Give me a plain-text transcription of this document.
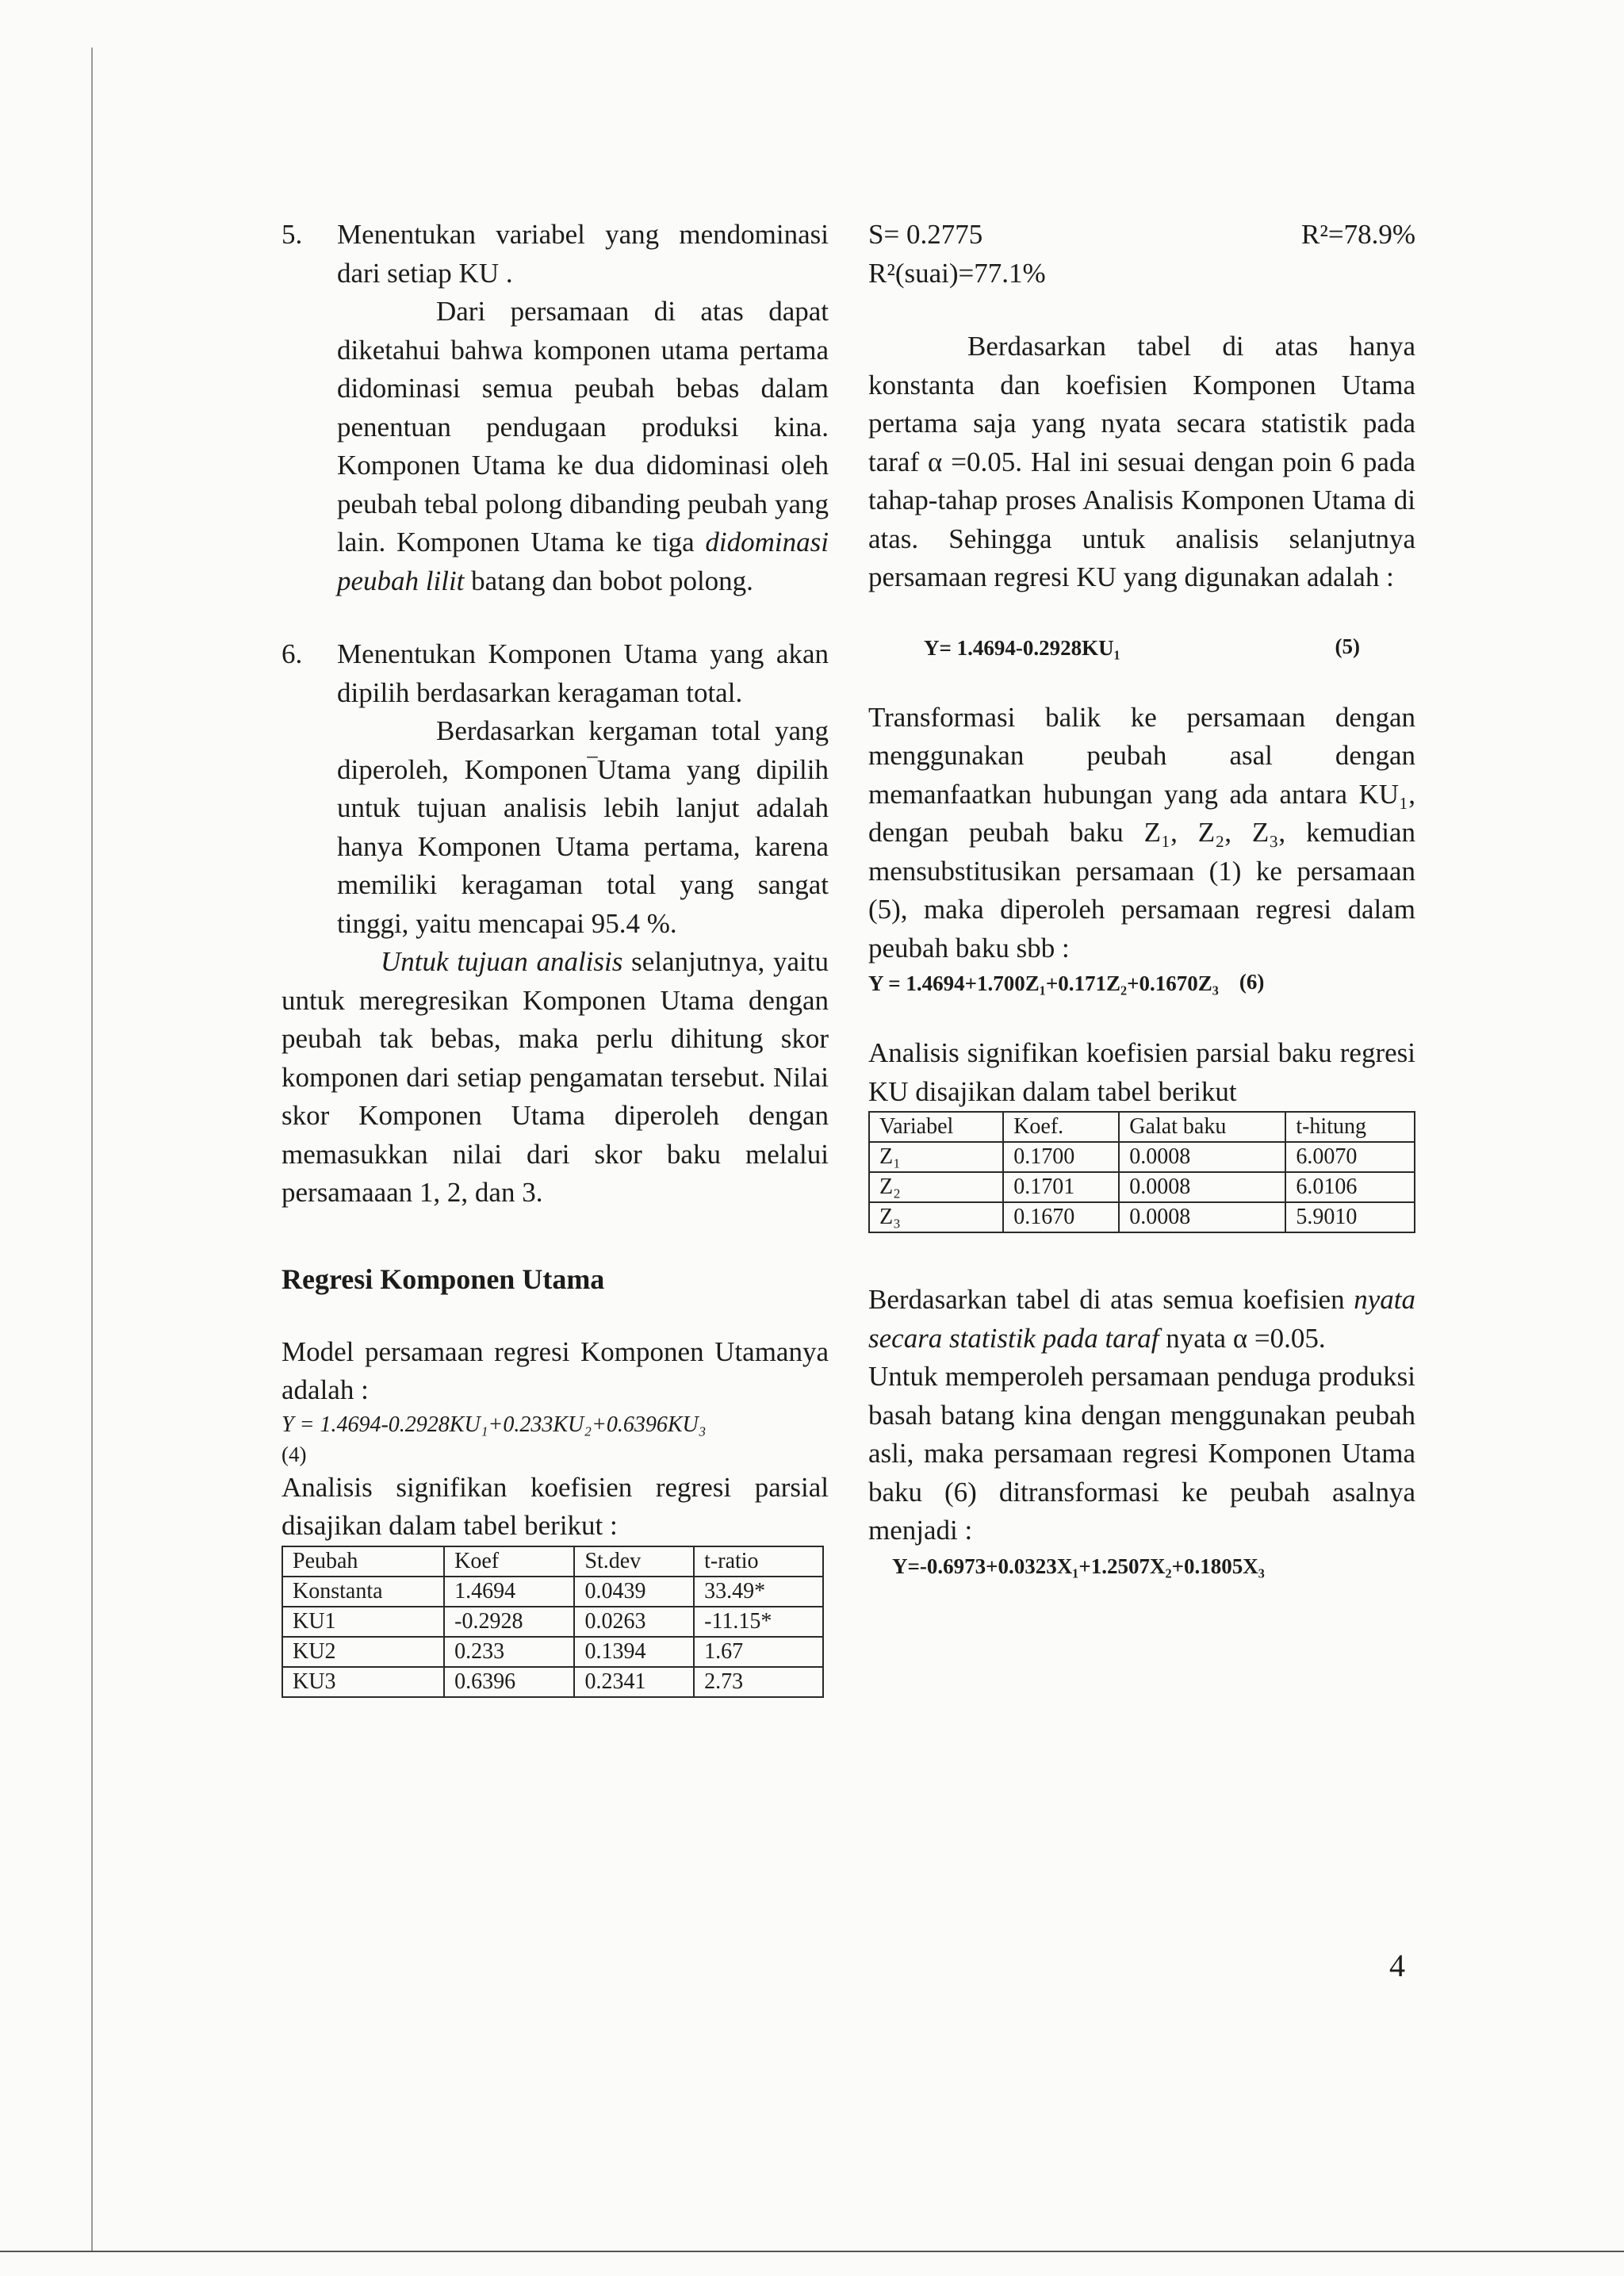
5.	Menentukan variabel yang mendominasi dari setiap KU .

Dari persamaan di atas dapat diketahui bahwa komponen utama pertama didominasi semua peubah bebas dalam penentuan pendugaan produksi kina. Komponen Utama ke dua didominasi oleh peubah tebal polong dibanding peubah yang lain. Komponen Utama ke tiga didominasi peubah lilit batang dan bobot polong.

6.	Menentukan Komponen Utama yang akan dipilih berdasarkan keragaman total.

Berdasarkan kergaman total yang diperoleh, Komponen‾Utama yang dipilih untuk tujuan analisis lebih lanjut adalah hanya Komponen Utama pertama, karena memiliki keragaman total yang sangat tinggi, yaitu mencapai 95.4 %.

Untuk tujuan analisis selanjutnya, yaitu untuk meregresikan Komponen Utama dengan peubah tak bebas, maka perlu dihitung skor komponen dari setiap pengamatan tersebut. Nilai skor Komponen Utama diperoleh dengan memasukkan nilai dari skor baku melalui persamaaan 1, 2, dan 3.

Regresi Komponen Utama

Model persamaan regresi Komponen Utamanya adalah :

Y = 1.4694-0.2928KU₁+0.233KU₂+0.6396KU₃
(4)

Analisis signifikan koefisien regresi parsial disajikan dalam tabel berikut :

Peubah	Koef	St.dev	t-ratio
Konstanta	1.4694	0.0439	33.49*
KU1	-0.2928	0.0263	-11.15*
KU2	0.233	0.1394	1.67
KU3	0.6396	0.2341	2.73
S= 0.2775	R²=78.9%
R²(suai)=77.1%

Berdasarkan tabel di atas hanya konstanta dan koefisien Komponen Utama pertama saja yang nyata secara statistik pada taraf α =0.05. Hal ini sesuai dengan poin 6 pada tahap-tahap proses Analisis Komponen Utama di atas. Sehingga untuk analisis selanjutnya persamaan regresi KU yang digunakan adalah :

Y= 1.4694-0.2928KU₁	(5)

Transformasi balik ke persamaan dengan menggunakan peubah asal dengan memanfaatkan hubungan yang ada antara KU₁, dengan peubah baku Z₁, Z₂, Z₃, kemudian mensubstitusikan persamaan (1) ke persamaan (5), maka diperoleh persamaan regresi dalam peubah baku sbb :

Y = 1.4694+1.700Z₁+0.171Z₂+0.1670Z₃ (6)

Analisis signifikan koefisien parsial baku regresi KU disajikan dalam tabel berikut

Variabel	Koef.	Galat baku	t-hitung
Z₁	0.1700	0.0008	6.0070
Z₂	0.1701	0.0008	6.0106
Z₃	0.1670	0.0008	5.9010

Berdasarkan tabel di atas semua koefisien nyata secara statistik pada taraf nyata α =0.05.

Untuk memperoleh persamaan penduga produksi basah batang kina dengan menggunakan peubah asli, maka persamaan regresi Komponen Utama baku (6) ditransformasi ke peubah asalnya menjadi :

Y=-0.6973+0.0323X₁+1.2507X₂+0.1805X₃
4
